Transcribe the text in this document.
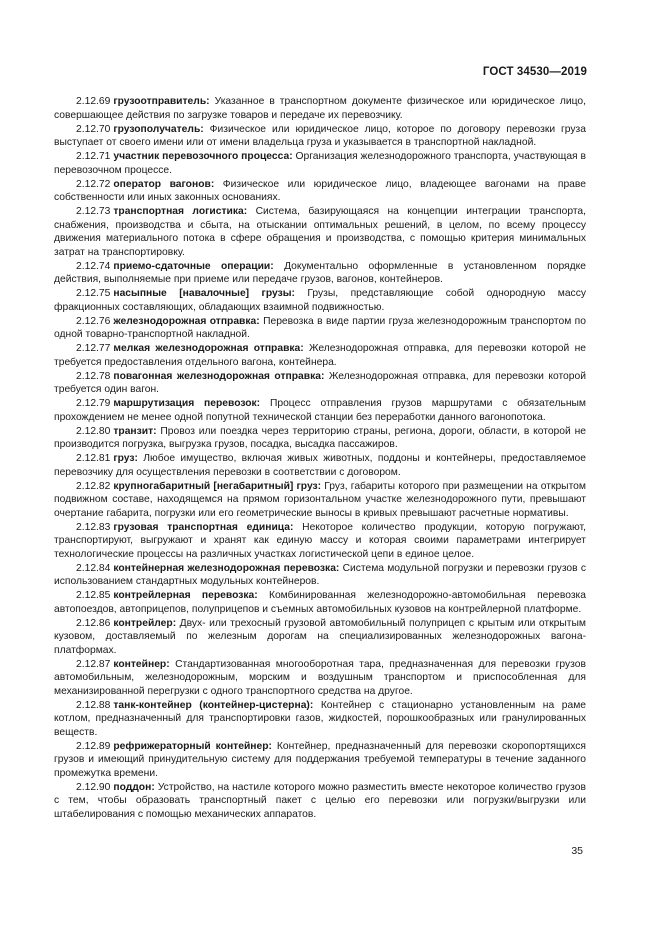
ГОСТ 34530—2019

2.12.69 грузоотправитель: Указанное в транспортном документе физическое или юридическое лицо, совершающее действия по загрузке товаров и передаче их перевозчику.

2.12.70 грузополучатель: Физическое или юридическое лицо, которое по договору перевозки груза выступает от своего имени или от имени владельца груза и указывается в транспортной накладной.

2.12.71 участник перевозочного процесса: Организация железнодорожного транспорта, участвующая в перевозочном процессе.

2.12.72 оператор вагонов: Физическое или юридическое лицо, владеющее вагонами на праве собственности или иных законных основаниях.

2.12.73 транспортная логистика: Система, базирующаяся на концепции интеграции транспорта, снабжения, производства и сбыта, на отыскании оптимальных решений, в целом, по всему процессу движения материального потока в сфере обращения и производства, с помощью критерия минимальных затрат на транспортировку.

2.12.74 приемо-сдаточные операции: Документально оформленные в установленном порядке действия, выполняемые при приеме или передаче грузов, вагонов, контейнеров.

2.12.75 насыпные [навалочные] грузы: Грузы, представляющие собой однородную массу фракционных составляющих, обладающих взаимной подвижностью.

2.12.76 железнодорожная отправка: Перевозка в виде партии груза железнодорожным транспортом по одной товарно-транспортной накладной.

2.12.77 мелкая железнодорожная отправка: Железнодорожная отправка, для перевозки которой не требуется предоставления отдельного вагона, контейнера.

2.12.78 повагонная железнодорожная отправка: Железнодорожная отправка, для перевозки которой требуется один вагон.

2.12.79 маршрутизация перевозок: Процесс отправления грузов маршрутами с обязательным прохождением не менее одной попутной технической станции без переработки данного вагонопотока.

2.12.80 транзит: Провоз или поездка через территорию страны, региона, дороги, области, в которой не производится погрузка, выгрузка грузов, посадка, высадка пассажиров.

2.12.81 груз: Любое имущество, включая живых животных, поддоны и контейнеры, предоставляемое перевозчику для осуществления перевозки в соответствии с договором.

2.12.82 крупногабаритный [негабаритный] груз: Груз, габариты которого при размещении на открытом подвижном составе, находящемся на прямом горизонтальном участке железнодорожного пути, превышают очертание габарита, погрузки или его геометрические выносы в кривых превышают расчетные нормативы.

2.12.83 грузовая транспортная единица: Некоторое количество продукции, которую погружают, транспортируют, выгружают и хранят как единую массу и которая своими параметрами интегрирует технологические процессы на различных участках логистической цепи в единое целое.

2.12.84 контейнерная железнодорожная перевозка: Система модульной погрузки и перевозки грузов с использованием стандартных модульных контейнеров.

2.12.85 контрейлерная перевозка: Комбинированная железнодорожно-автомобильная перевозка автопоездов, автоприцепов, полуприцепов и съемных автомобильных кузовов на контрейлерной платформе.

2.12.86 контрейлер: Двух- или трехосный грузовой автомобильный полуприцеп с крытым или открытым кузовом, доставляемый по железным дорогам на специализированных железнодорожных вагона-платформах.

2.12.87 контейнер: Стандартизованная многооборотная тара, предназначенная для перевозки грузов автомобильным, железнодорожным, морским и воздушным транспортом и приспособленная для механизированной перегрузки с одного транспортного средства на другое.

2.12.88 танк-контейнер (контейнер-цистерна): Контейнер с стационарно установленным на раме котлом, предназначенный для транспортировки газов, жидкостей, порошкообразных или гранулированных веществ.

2.12.89 рефрижераторный контейнер: Контейнер, предназначенный для перевозки скоропортящихся грузов и имеющий принудительную систему для поддержания требуемой температуры в течение заданного промежутка времени.

2.12.90 поддон: Устройство, на настиле которого можно разместить вместе некоторое количество грузов с тем, чтобы образовать транспортный пакет с целью его перевозки или погрузки/выгрузки или штабелирования с помощью механических аппаратов.

35
